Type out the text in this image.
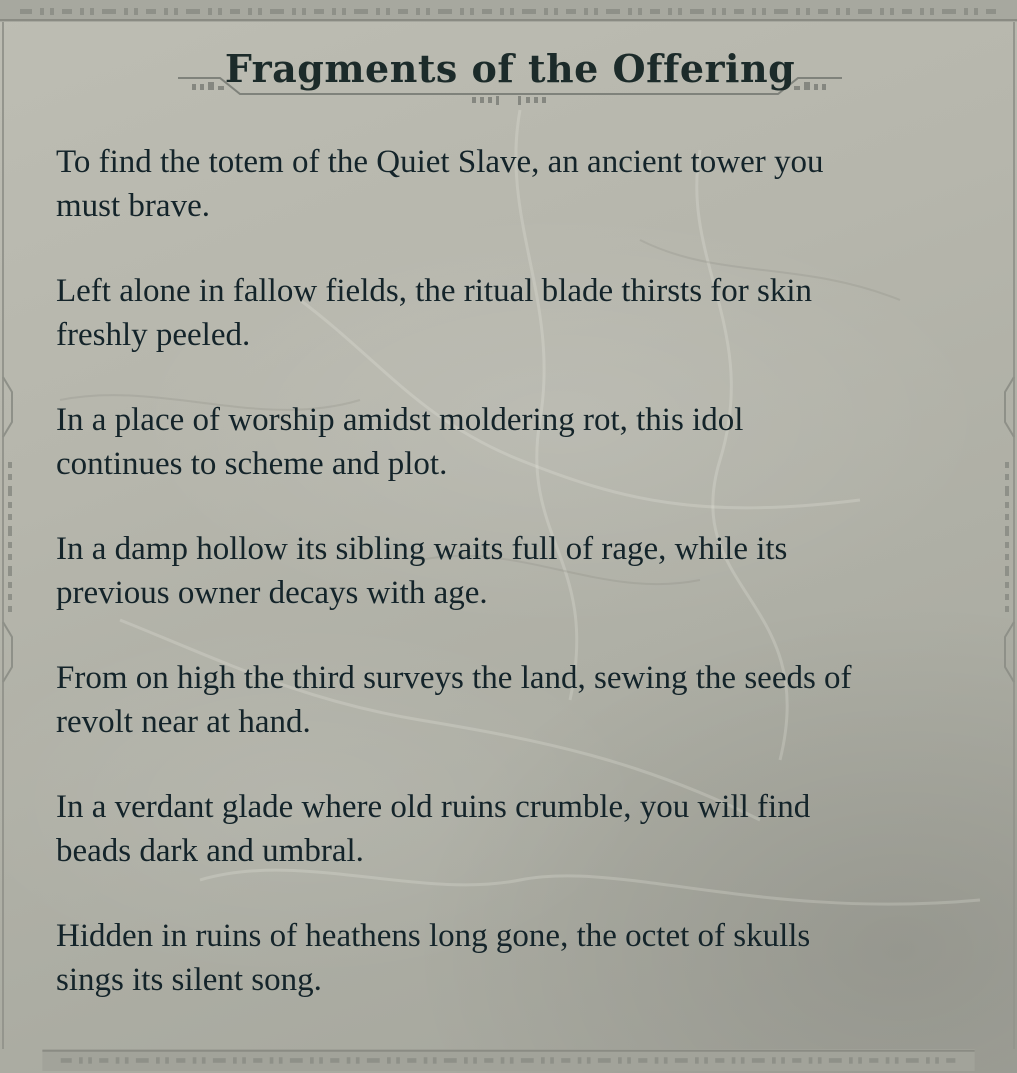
Fragments of the Offering

To find the totem of the Quiet Slave, an ancient tower you
must brave.

Left alone in fallow fields, the ritual blade thirsts for skin
freshly peeled.

In a place of worship amidst moldering rot, this idol
continues to scheme and plot.

In a damp hollow its sibling waits full of rage, while its
previous owner decays with age.

From on high the third surveys the land, sewing the seeds of
revolt near at hand.

In a verdant glade where old ruins crumble, you will find
beads dark and umbral.

Hidden in ruins of heathens long gone, the octet of skulls
sings its silent song.
